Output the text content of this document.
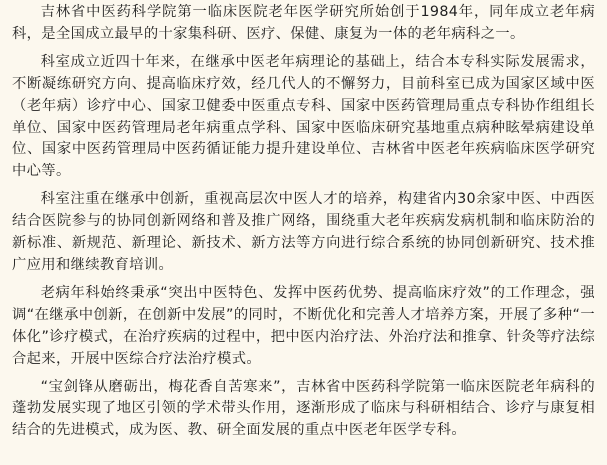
吉林省中医药科学院第一临床医院老年医学研究所始创于1984年，同年成立老年病科，是全国成立最早的十家集科研、医疗、保健、康复为一体的老年病科之一。

科室成立近四十年来，在继承中医老年病理论的基础上，结合本专科实际发展需求，不断凝练研究方向、提高临床疗效，经几代人的不懈努力，目前科室已成为国家区域中医（老年病）诊疗中心、国家卫健委中医重点专科、国家中医药管理局重点专科协作组组长单位、国家中医药管理局老年病重点学科、国家中医临床研究基地重点病种眩晕病建设单位、国家中医药管理局中医药循证能力提升建设单位、吉林省中医老年疾病临床医学研究中心等。

科室注重在继承中创新，重视高层次中医人才的培养，构建省内30余家中医、中西医结合医院参与的协同创新网络和普及推广网络，围绕重大老年疾病发病机制和临床防治的新标准、新规范、新理论、新技术、新方法等方向进行综合系统的协同创新研究、技术推广应用和继续教育培训。

老病年科始终秉承“突出中医特色、发挥中医药优势、提高临床疗效”的工作理念，强调“在继承中创新，在创新中发展”的同时，不断优化和完善人才培养方案，开展了多种“一体化”诊疗模式，在治疗疾病的过程中，把中医内治疗法、外治疗法和推拿、针灸等疗法综合起来，开展中医综合疗法治疗模式。

“宝剑锋从磨砺出，梅花香自苦寒来”，吉林省中医药科学院第一临床医院老年病科的蓬勃发展实现了地区引领的学术带头作用，逐渐形成了临床与科研相结合、诊疗与康复相结合的先进模式，成为医、教、研全面发展的重点中医老年医学专科。
